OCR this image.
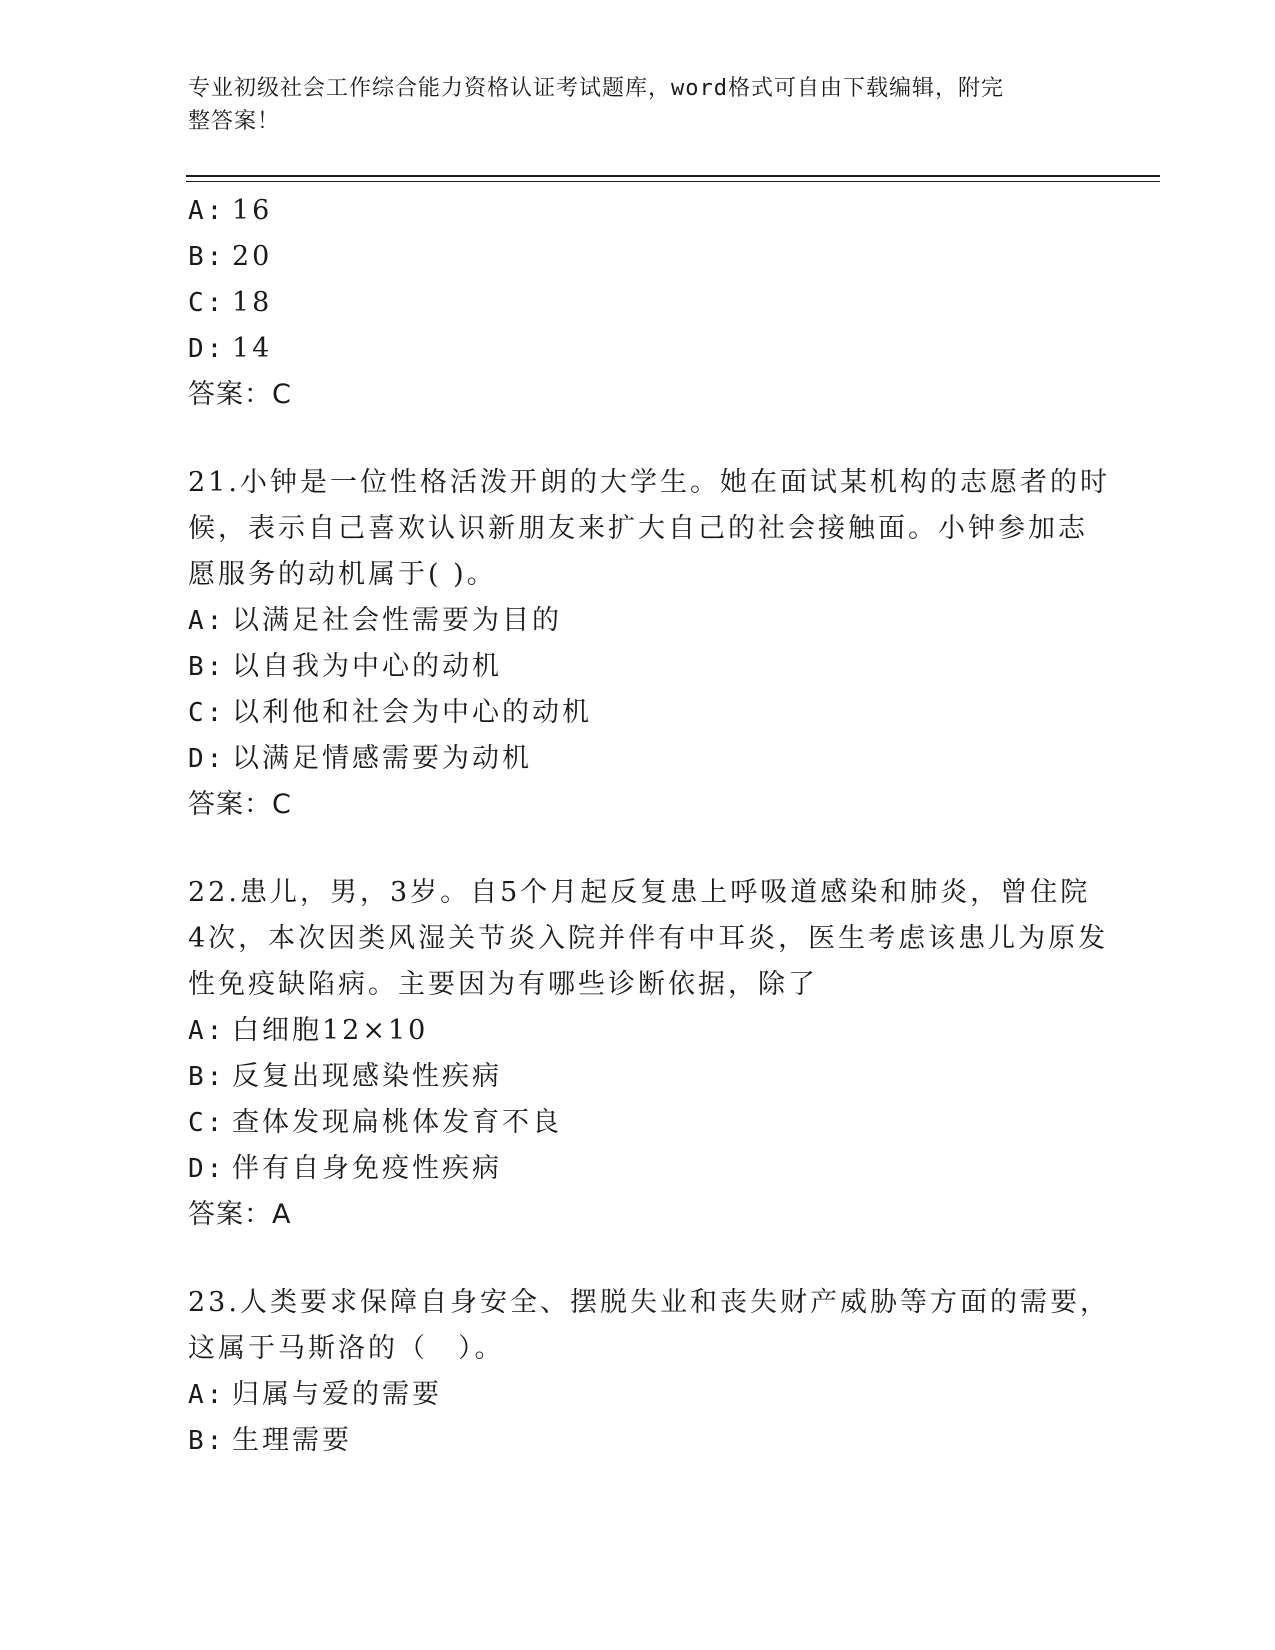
专业初级社会工作综合能力资格认证考试题库，word格式可自由下载编辑，附完
整答案！
A: 16
B: 20
C: 18
D: 14
答案：C
21.小钟是一位性格活泼开朗的大学生。她在面试某机构的志愿者的时
候，表示自己喜欢认识新朋友来扩大自己的社会接触面。小钟参加志
愿服务的动机属于( )。
A: 以满足社会性需要为目的
B: 以自我为中心的动机
C: 以利他和社会为中心的动机
D: 以满足情感需要为动机
答案：C
22.患儿，男，3岁。自5个月起反复患上呼吸道感染和肺炎，曾住院
4次，本次因类风湿关节炎入院并伴有中耳炎，医生考虑该患儿为原发
性免疫缺陷病。主要因为有哪些诊断依据，除了
A: 白细胞12×10
B: 反复出现感染性疾病
C: 查体发现扁桃体发育不良
D: 伴有自身免疫性疾病
答案：A
23.人类要求保障自身安全、摆脱失业和丧失财产威胁等方面的需要，
这属于马斯洛的（　）。
A: 归属与爱的需要
B: 生理需要
